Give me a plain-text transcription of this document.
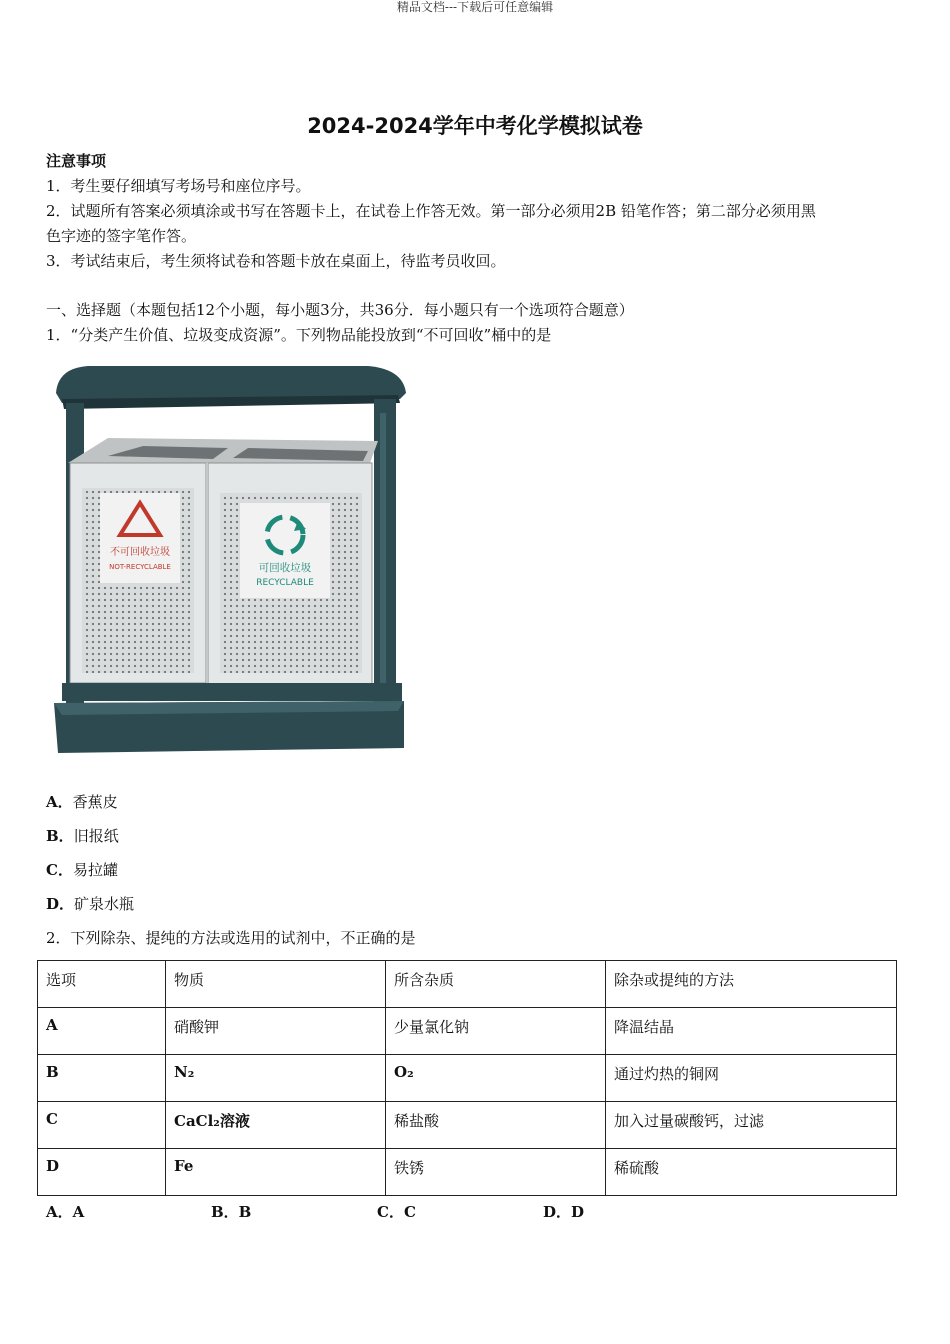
精品文档---下载后可任意编辑
2024-2024学年中考化学模拟试卷
注意事项
1．考生要仔细填写考场号和座位序号。
2．试题所有答案必须填涂或书写在答题卡上，在试卷上作答无效。第一部分必须用2B 铅笔作答；第二部分必须用黑
色字迹的签字笔作答。
3．考试结束后，考生须将试卷和答题卡放在桌面上，待监考员收回。
一、选择题（本题包括12个小题，每小题3分，共36分．每小题只有一个选项符合题意）
1．“分类产生价值、垃圾变成资源”。下列物品能投放到“不可回收”桶中的是
不可回收垃圾
NOT-RECYCLABLE	可回收垃圾
RECYCLABLE
A．香蕉皮
B．旧报纸
C．易拉罐
D．矿泉水瓶
2．下列除杂、提纯的方法或选用的试剂中，不正确的是
选项	物质	所含杂质	除杂或提纯的方法
A	硝酸钾	少量氯化钠	降温结晶
B	N₂	O₂	通过灼热的铜网
C	CaCl₂溶液	稀盐酸	加入过量碳酸钙，过滤
D	Fe	铁锈	稀硫酸
A．A	B．B	C．C	D．D
